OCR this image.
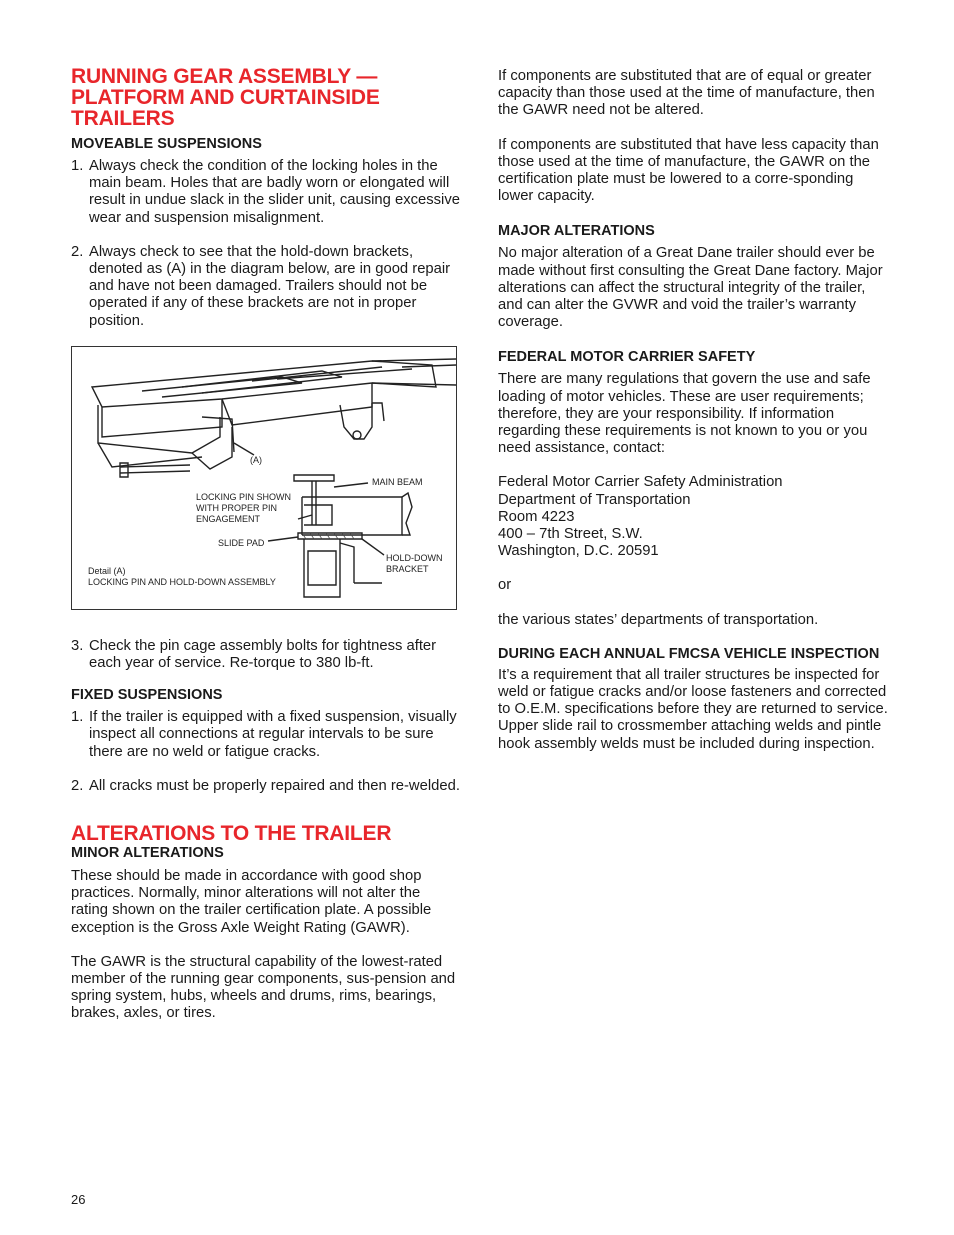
RUNNING GEAR ASSEMBLY — PLATFORM AND CURTAINSIDE TRAILERS
MOVEABLE SUSPENSIONS
1. Always check the condition of the locking holes in the main beam. Holes that are badly worn or elongated will result in undue slack in the slider unit, causing excessive wear and suspension misalignment.
2. Always check to see that the hold-down brackets, denoted as (A) in the diagram below, are in good repair and have not been damaged. Trailers should not be operated if any of these brackets are not in proper position.
(A)
MAIN BEAM
LOCKING PIN SHOWN
WITH PROPER PIN
ENGAGEMENT
SLIDE PAD
HOLD-DOWN
BRACKET
Detail (A)
LOCKING PIN AND HOLD-DOWN ASSEMBLY
3. Check the pin cage assembly bolts for tightness after each year of service. Re-torque to 380 lb-ft.
FIXED SUSPENSIONS
1. If the trailer is equipped with a fixed suspension, visually inspect all connections at regular intervals to be sure there are no weld or fatigue cracks.
2. All cracks must be properly repaired and then re-welded.
ALTERATIONS TO THE TRAILER
MINOR ALTERATIONS

These should be made in accordance with good shop practices. Normally, minor alterations will not alter the rating shown on the trailer certification plate. A possible exception is the Gross Axle Weight Rating (GAWR).

The GAWR is the structural capability of the lowest-rated member of the running gear components, sus-pension and spring system, hubs, wheels and drums, rims, bearings, brakes, axles, or tires.

If components are substituted that are of equal or greater capacity than those used at the time of manufacture, then the GAWR need not be altered.

If components are substituted that have less capacity than those used at the time of manufacture, the GAWR on the certification plate must be lowered to a corre-sponding lower capacity.

MAJOR ALTERATIONS

No major alteration of a Great Dane trailer should ever be made without first consulting the Great Dane factory. Major alterations can affect the structural integrity of the trailer, and can alter the GVWR and void the trailer’s warranty coverage.

FEDERAL MOTOR CARRIER SAFETY

There are many regulations that govern the use and safe loading of motor vehicles. These are user requirements; therefore, they are your responsibility. If information regarding these requirements is not known to you or you need assistance, contact:

Federal Motor Carrier Safety Administration

Department of Transportation

Room 4223

400 – 7th Street, S.W.

Washington, D.C. 20591

or

the various states’ departments of transportation.

DURING EACH ANNUAL FMCSA VEHICLE INSPECTION

It’s a requirement that all trailer structures be inspected for weld or fatigue cracks and/or loose fasteners and corrected to O.E.M. specifications before they are returned to service. Upper slide rail to crossmember attaching welds and pintle hook assembly welds must be included during inspection.

26
